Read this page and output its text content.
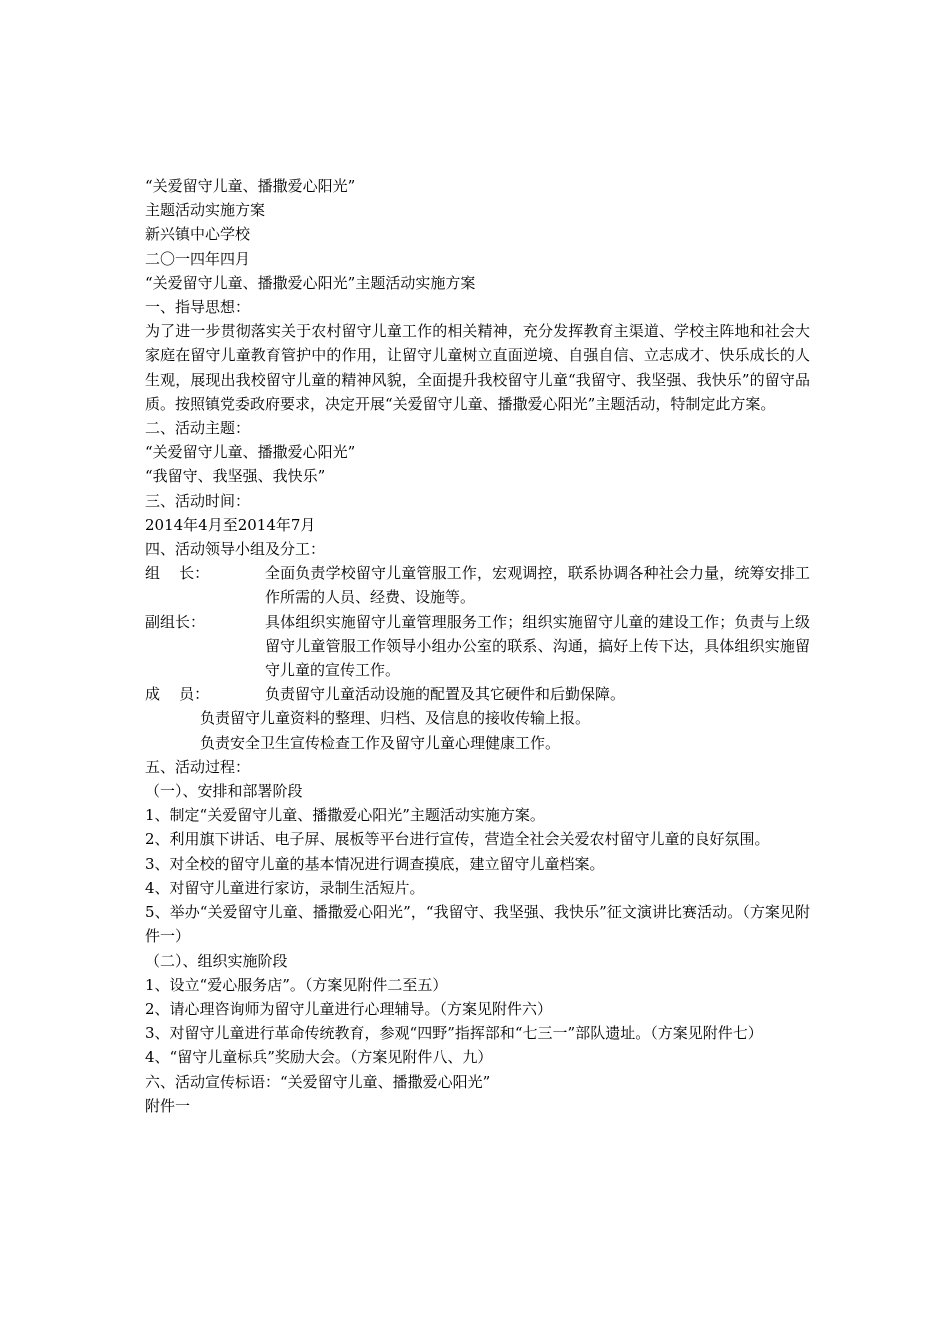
“关爱留守儿童、播撒爱心阳光”
主题活动实施方案
新兴镇中心学校
二〇一四年四月
“关爱留守儿童、播撒爱心阳光”主题活动实施方案
一、指导思想：
为了进一步贯彻落实关于农村留守儿童工作的相关精神，充分发挥教育主渠道、学校主阵地和社会大家庭在留守儿童教育管护中的作用，让留守儿童树立直面逆境、自强自信、立志成才、快乐成长的人生观，展现出我校留守儿童的精神风貌，全面提升我校留守儿童“我留守、我坚强、我快乐”的留守品质。按照镇党委政府要求，决定开展“关爱留守儿童、播撒爱心阳光”主题活动，特制定此方案。
二、活动主题：
“关爱留守儿童、播撒爱心阳光”
“我留守、我坚强、我快乐”
三、活动时间：
2014年4月至2014年7月
四、活动领导小组及分工：
组    长：	全面负责学校留守儿童管服工作，宏观调控，联系协调各种社会力量，统筹安排工作所需的人员、经费、设施等。
副组长：	具体组织实施留守儿童管理服务工作；组织实施留守儿童的建设工作；负责与上级留守儿童管服工作领导小组办公室的联系、沟通，搞好上传下达，具体组织实施留守儿童的宣传工作。
成    员：	负责留守儿童活动设施的配置及其它硬件和后勤保障。
负责留守儿童资料的整理、归档、及信息的接收传输上报。
负责安全卫生宣传检查工作及留守儿童心理健康工作。
五、活动过程：
（一）、安排和部署阶段
1、制定“关爱留守儿童、播撒爱心阳光”主题活动实施方案。
2、利用旗下讲话、电子屏、展板等平台进行宣传，营造全社会关爱农村留守儿童的良好氛围。
3、对全校的留守儿童的基本情况进行调查摸底，建立留守儿童档案。
4、对留守儿童进行家访，录制生活短片。
5、举办“关爱留守儿童、播撒爱心阳光”，“我留守、我坚强、我快乐”征文演讲比赛活动。（方案见附件一）
（二）、组织实施阶段
1、设立“爱心服务店”。（方案见附件二至五）
2、请心理咨询师为留守儿童进行心理辅导。（方案见附件六）
3、对留守儿童进行革命传统教育，参观“四野”指挥部和“七三一”部队遗址。（方案见附件七）
4、“留守儿童标兵”奖励大会。（方案见附件八、九）
六、活动宣传标语：“关爱留守儿童、播撒爱心阳光”
附件一
